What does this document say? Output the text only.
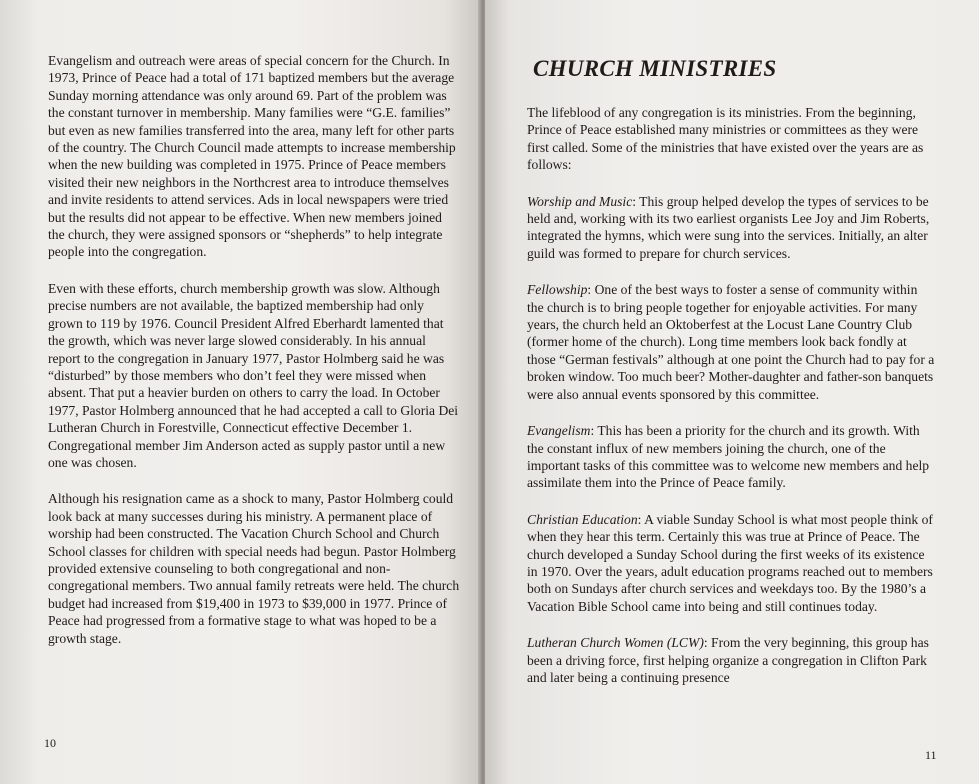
Evangelism and outreach were areas of special concern for the Church. In 1973, Prince of Peace had a total of 171 baptized members but the average Sunday morning attendance was only around 69. Part of the problem was the constant turnover in membership. Many families were “G.E. families” but even as new families transferred into the area, many left for other parts of the country. The Church Council made attempts to increase membership when the new building was completed in 1975. Prince of Peace members visited their new neighbors in the Northcrest area to introduce themselves and invite residents to attend services. Ads in local newspapers were tried but the results did not appear to be effective. When new members joined the church, they were assigned sponsors or “shepherds” to help integrate people into the congregation.

Even with these efforts, church membership growth was slow. Although precise numbers are not available, the baptized membership had only grown to 119 by 1976. Council President Alfred Eberhardt lamented that the growth, which was never large slowed considerably. In his annual report to the congregation in January 1977, Pastor Holmberg said he was “disturbed” by those members who don’t feel they were missed when absent. That put a heavier burden on others to carry the load. In October 1977, Pastor Holmberg announced that he had accepted a call to Gloria Dei Lutheran Church in Forestville, Connecticut effective December 1. Congregational member Jim Anderson acted as supply pastor until a new one was chosen.

Although his resignation came as a shock to many, Pastor Holmberg could look back at many successes during his ministry. A permanent place of worship had been constructed. The Vacation Church School and Church School classes for children with special needs had begun. Pastor Holmberg provided extensive counseling to both congregational and non-congregational members. Two annual family retreats were held. The church budget had increased from $19,400 in 1973 to $39,000 in 1977. Prince of Peace had progressed from a formative stage to what was hoped to be a growth stage.

10
CHURCH MINISTRIES

The lifeblood of any congregation is its ministries. From the beginning, Prince of Peace established many ministries or committees as they were first called. Some of the ministries that have existed over the years are as follows:

Worship and Music: This group helped develop the types of services to be held and, working with its two earliest organists Lee Joy and Jim Roberts, integrated the hymns, which were sung into the services. Initially, an alter guild was formed to prepare for church services.

Fellowship: One of the best ways to foster a sense of community within the church is to bring people together for enjoyable activities. For many years, the church held an Oktoberfest at the Locust Lane Country Club (former home of the church). Long time members look back fondly at those “German festivals” although at one point the Church had to pay for a broken window. Too much beer? Mother-daughter and father-son banquets were also annual events sponsored by this committee.

Evangelism: This has been a priority for the church and its growth. With the constant influx of new members joining the church, one of the important tasks of this committee was to welcome new members and help assimilate them into the Prince of Peace family.

Christian Education: A viable Sunday School is what most people think of when they hear this term. Certainly this was true at Prince of Peace. The church developed a Sunday School during the first weeks of its existence in 1970. Over the years, adult education programs reached out to members both on Sundays after church services and weekdays too. By the 1980’s a Vacation Bible School came into being and still continues today.

Lutheran Church Women (LCW): From the very beginning, this group has been a driving force, first helping organize a congregation in Clifton Park and later being a continuing presence

11
